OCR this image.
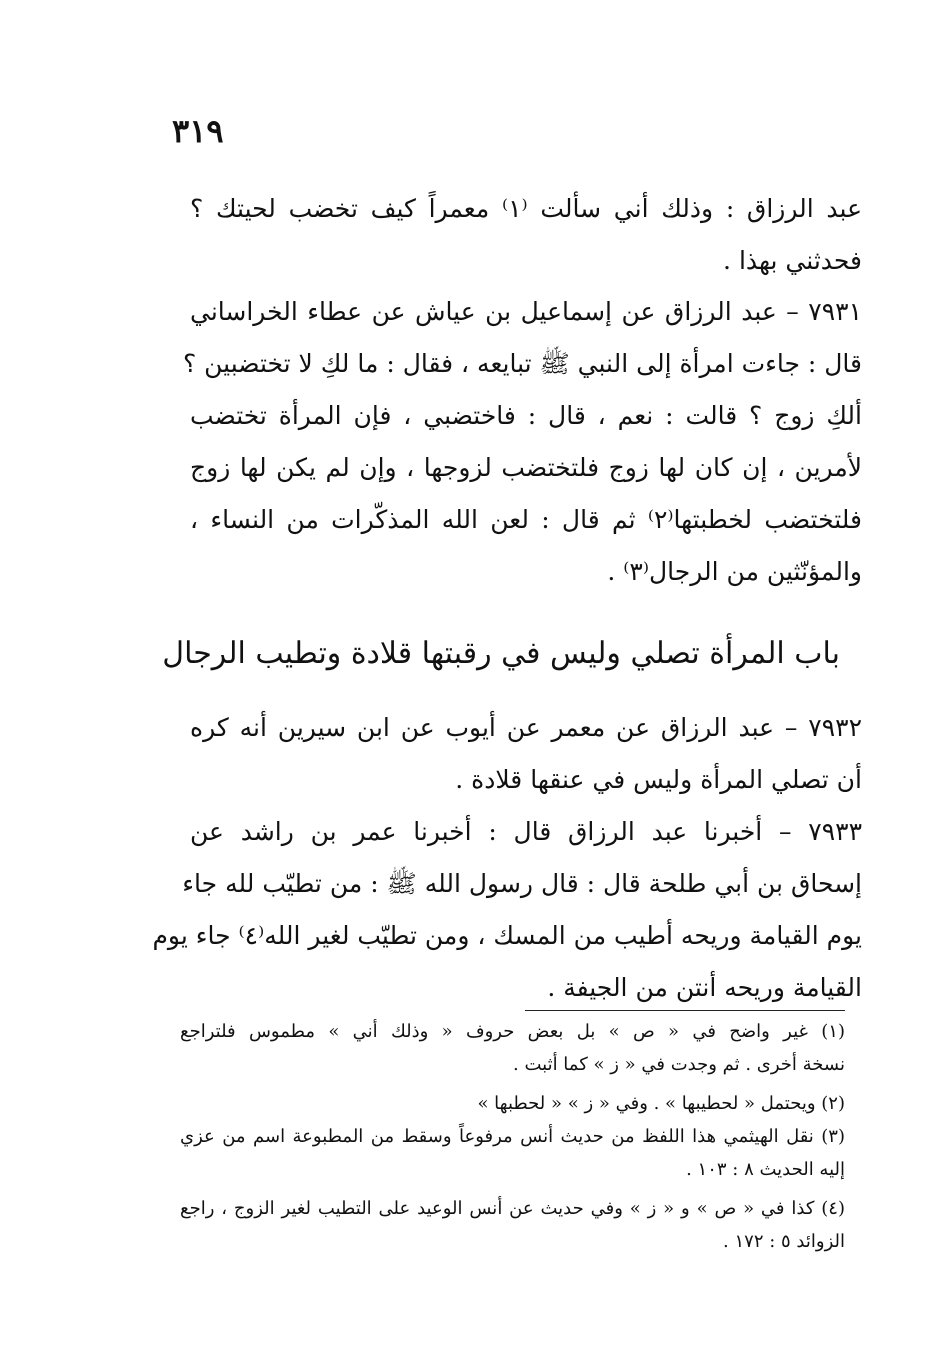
٣١٩
عبد الرزاق : وذلك أني سألت ⁽١⁾ معمراً كيف تخضب لحيتك ؟
فحدثني بهذا .
٧٩٣١ – عبد الرزاق عن إسماعيل بن عياش عن عطاء الخراساني
قال : جاءت امرأة إلى النبي ﷺ تبايعه ، فقال : ما لكِ لا تختضبين ؟
ألكِ زوج ؟ قالت : نعم ، قال : فاختضبي ، فإن المرأة تختضب
لأمرين ، إن كان لها زوج فلتختضب لزوجها ، وإن لم يكن لها زوج
فلتختضب لخطبتها⁽٢⁾ ثم قال : لعن الله المذكّرات من النساء ،
والمؤنّثين من الرجال⁽٣⁾ .
باب المرأة تصلي وليس في رقبتها قلادة وتطيب الرجال
٧٩٣٢ – عبد الرزاق عن معمر عن أيوب عن ابن سيرين أنه كره
أن تصلي المرأة وليس في عنقها قلادة .
٧٩٣٣ – أخبرنا عبد الرزاق قال : أخبرنا عمر بن راشد عن
إسحاق بن أبي طلحة قال : قال رسول الله ﷺ : من تطيّب لله جاء
يوم القيامة وريحه أطيب من المسك ، ومن تطيّب لغير الله⁽٤⁾ جاء يوم
القيامة وريحه أنتن من الجيفة .
(١) غير واضح في « ص » بل بعض حروف « وذلك أني » مطموس فلتراجع
نسخة أخرى . ثم وجدت في « ز » كما أثبت .
(٢) ويحتمل « لحطيبها » . وفي « ز » « لحطبها »
(٣) نقل الهيثمي هذا اللفظ من حديث أنس مرفوعاً وسقط من المطبوعة اسم من عزي
إليه الحديث ٨ : ١٠٣ .
(٤) كذا في « ص » و « ز » وفي حديث عن أنس الوعيد على التطيب لغير الزوج ، راجع
الزوائد ٥ : ١٧٢ .
